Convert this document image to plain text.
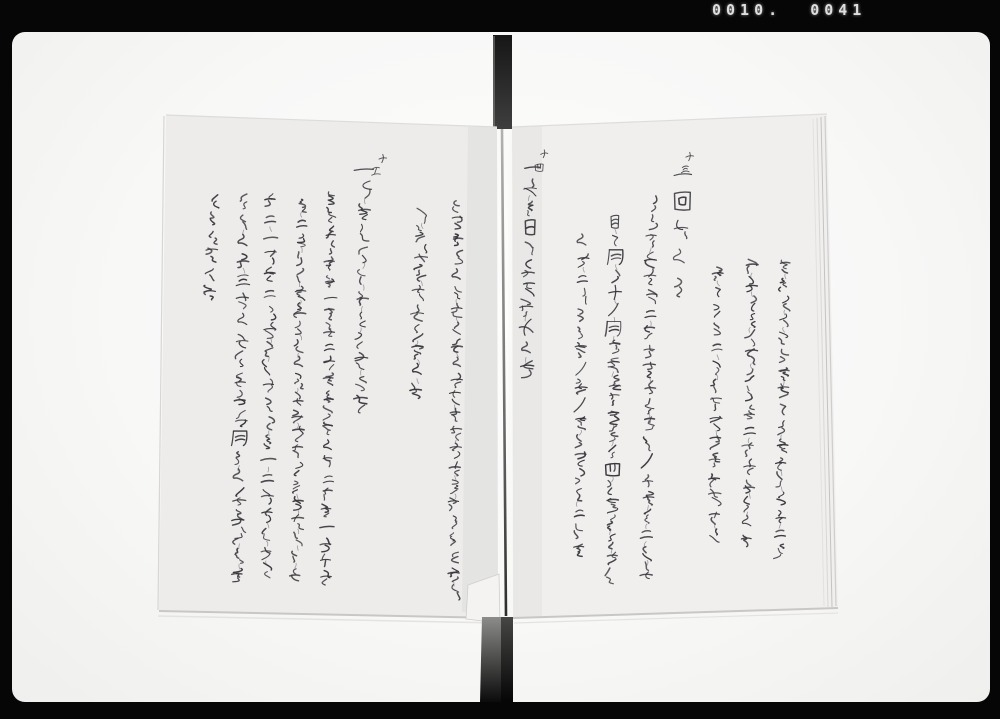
0010.  0041
